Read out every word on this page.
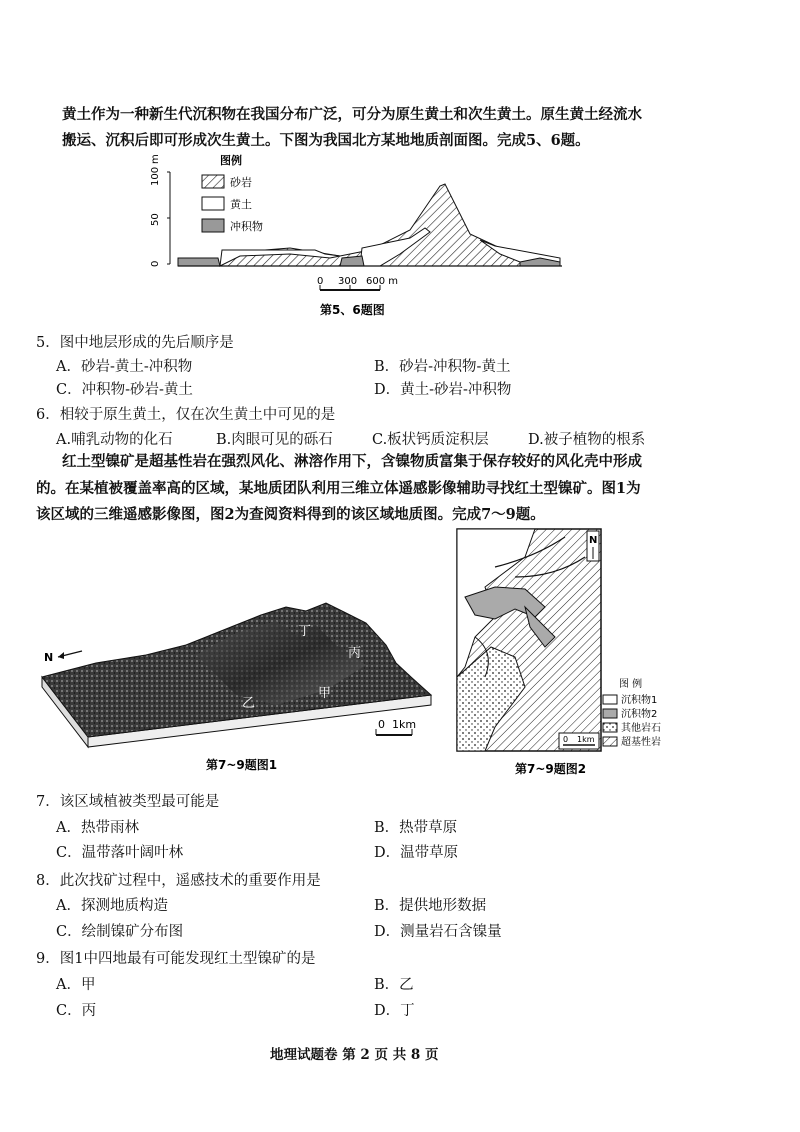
黄土作为一种新生代沉积物在我国分布广泛，可分为原生黄土和次生黄土。原生黄土经流水
搬运、沉积后即可形成次生黄土。下图为我国北方某地地质剖面图。完成5、6题。
100
m
50
0
图例
砂岩
黄土
冲积物
0 300 600 m
第5、6题图
5．图中地层形成的先后顺序是
A．砂岩-黄土-冲积物	B．砂岩-冲积物-黄土
C．冲积物-砂岩-黄土	D．黄土-砂岩-冲积物
6．相较于原生黄土，仅在次生黄土中可见的是
A.哺乳动物的化石	B.肉眼可见的砾石	C.板状钙质淀积层	D.被子植物的根系
红土型镍矿是超基性岩在强烈风化、淋溶作用下，含镍物质富集于保存较好的风化壳中形成
的。在某植被覆盖率高的区域，某地质团队利用三维立体遥感影像辅助寻找红土型镍矿。图1为
该区域的三维遥感影像图，图2为查阅资料得到的该区域地质图。完成7～9题。
N
丁
丙
甲
乙
0 1km
第7~9题图1
N
0 1km
图 例
沉积物1
沉积物2
其他岩石
超基性岩
第7~9题图2
7．该区域植被类型最可能是
A．热带雨林	B．热带草原
C．温带落叶阔叶林	D．温带草原
8．此次找矿过程中，遥感技术的重要作用是
A．探测地质构造	B．提供地形数据
C．绘制镍矿分布图	D．测量岩石含镍量
9．图1中四地最有可能发现红土型镍矿的是
A．甲	B．乙
C．丙	D．丁
地理试题卷 第 2 页 共 8 页
